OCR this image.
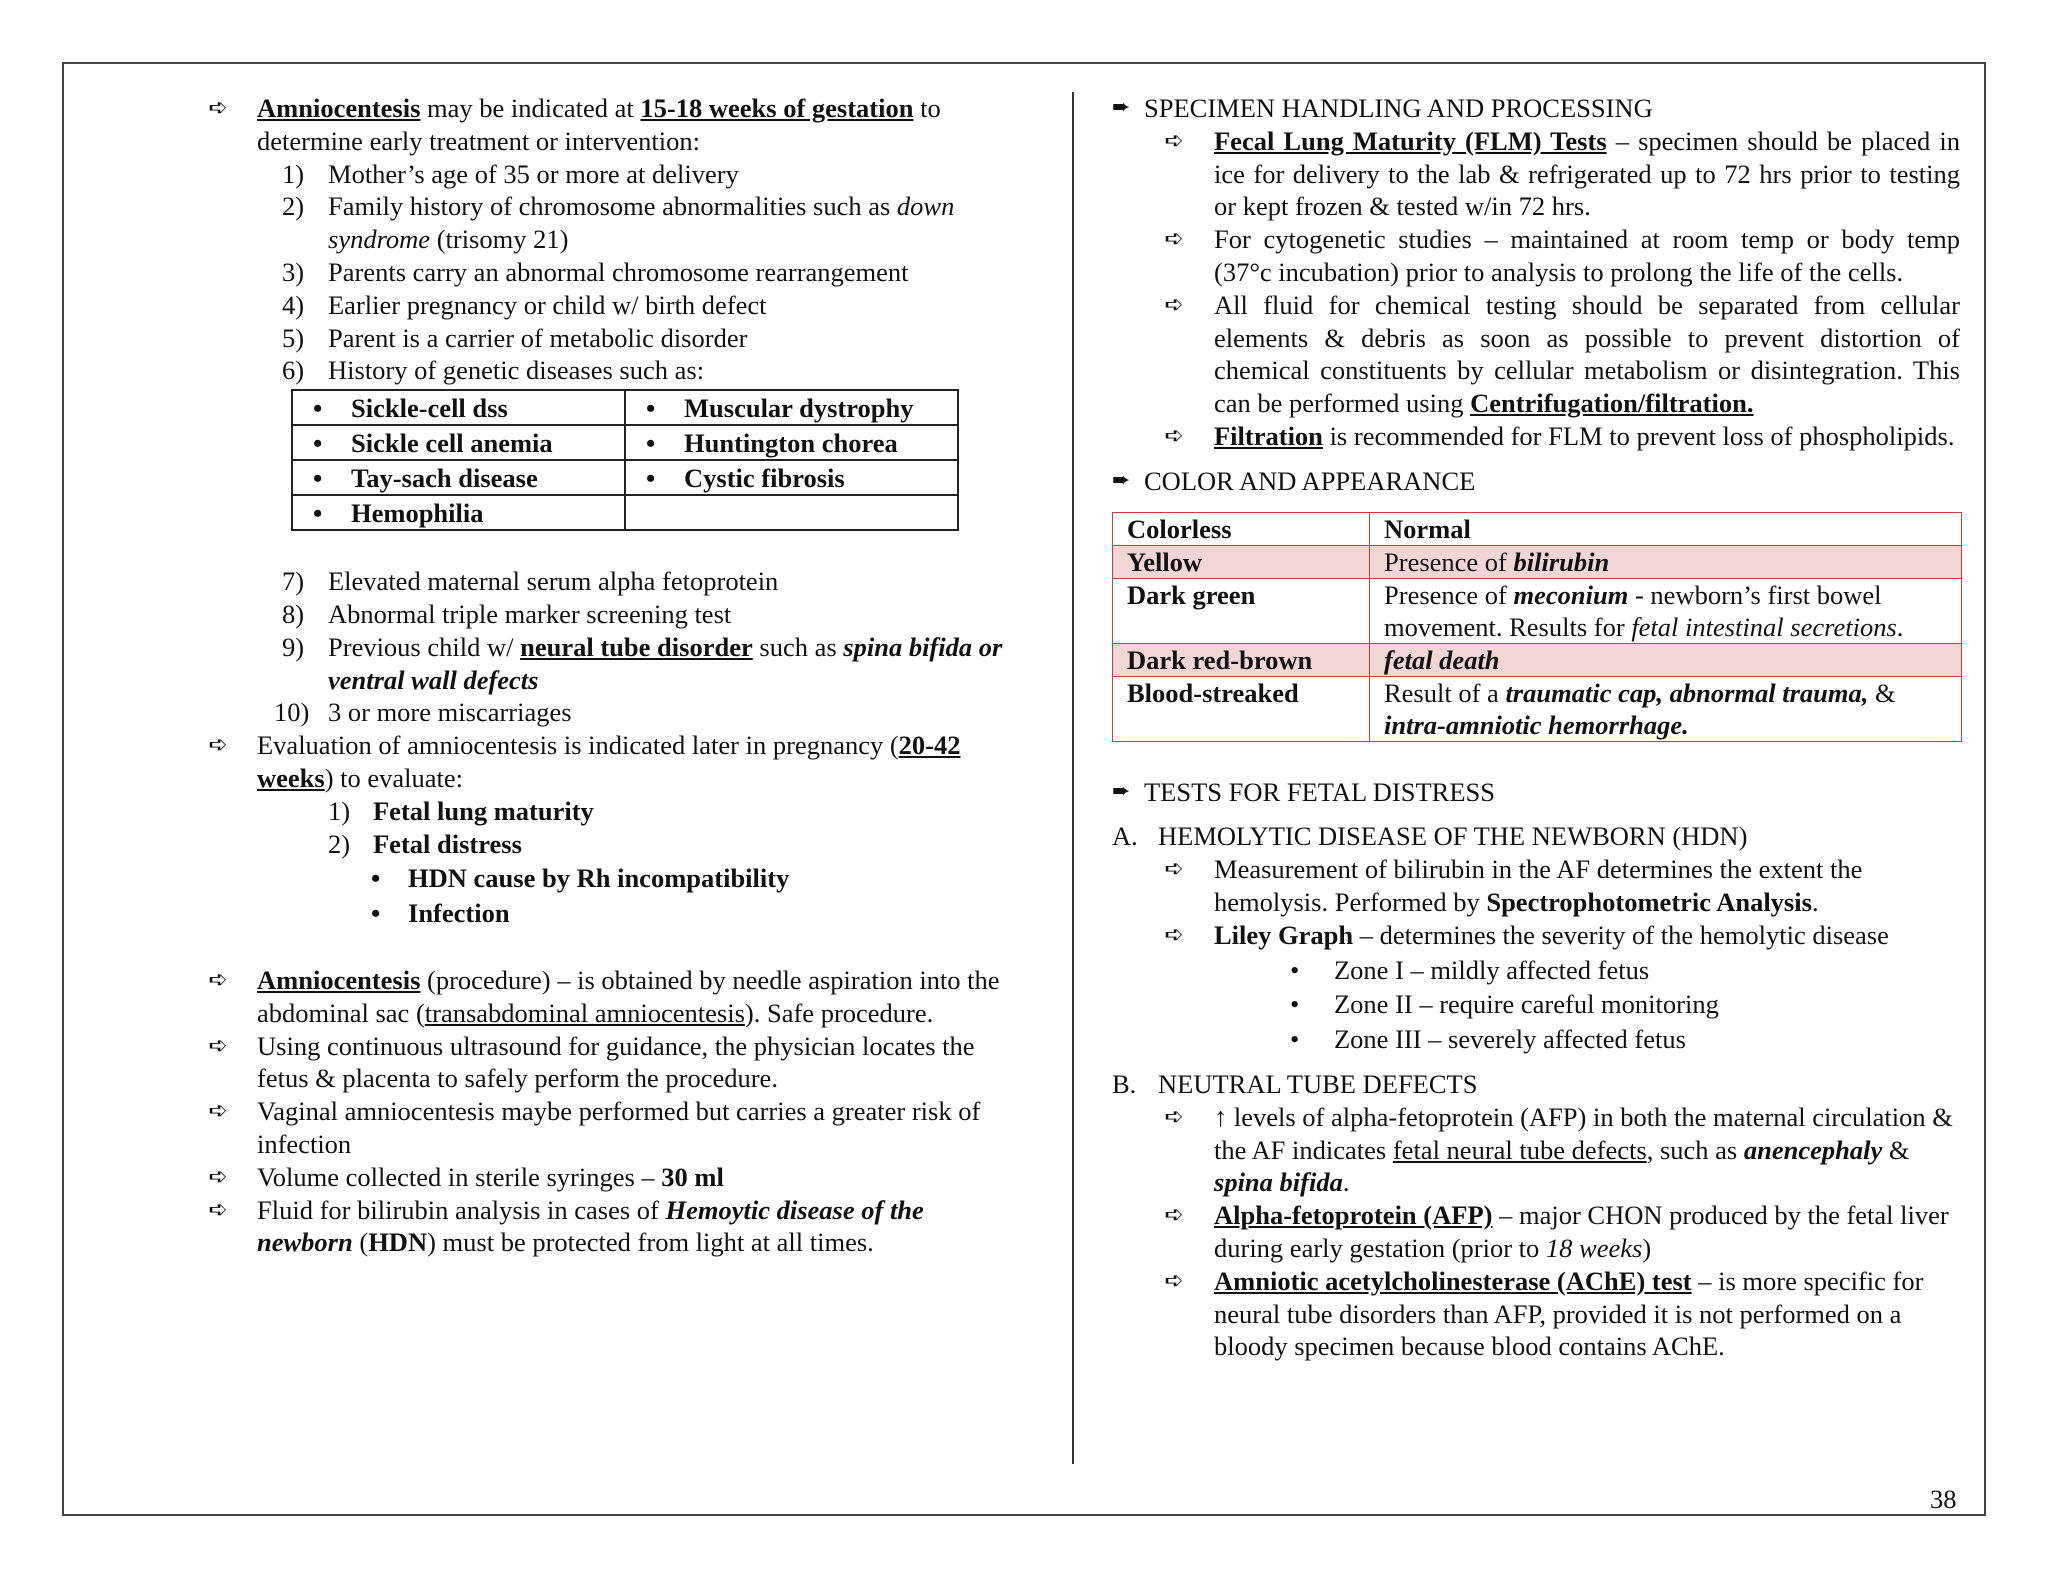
➪ Amniocentesis may be indicated at 15-18 weeks of gestation to determine early treatment or intervention:
1) Mother’s age of 35 or more at delivery
2) Family history of chromosome abnormalities such as down syndrome (trisomy 21)
3) Parents carry an abnormal chromosome rearrangement
4) Earlier pregnancy or child w/ birth defect
5) Parent is a carrier of metabolic disorder
6) History of genetic diseases such as:
• Sickle-cell dss	• Muscular dystrophy
• Sickle cell anemia	• Huntington chorea
• Tay-sach disease	• Cystic fibrosis
• Hemophilia	
7) Elevated maternal serum alpha fetoprotein
8) Abnormal triple marker screening test
9) Previous child w/ neural tube disorder such as spina bifida or ventral wall defects
10) 3 or more miscarriages
➪ Evaluation of amniocentesis is indicated later in pregnancy (20-42 weeks) to evaluate:
1) Fetal lung maturity
2) Fetal distress
• HDN cause by Rh incompatibility
• Infection
➪ Amniocentesis (procedure) – is obtained by needle aspiration into the abdominal sac (transabdominal amniocentesis). Safe procedure.
➪ Using continuous ultrasound for guidance, the physician locates the fetus & placenta to safely perform the procedure.
➪ Vaginal amniocentesis maybe performed but carries a greater risk of infection
➪ Volume collected in sterile syringes – 30 ml
➪ Fluid for bilirubin analysis in cases of Hemoytic disease of the newborn (HDN) must be protected from light at all times.
➨ SPECIMEN HANDLING AND PROCESSING
➪ Fecal Lung Maturity (FLM) Tests – specimen should be placed in ice for delivery to the lab & refrigerated up to 72 hrs prior to testing or kept frozen & tested w/in 72 hrs.
➪ For cytogenetic studies – maintained at room temp or body temp (37°c incubation) prior to analysis to prolong the life of the cells.
➪ All fluid for chemical testing should be separated from cellular elements & debris as soon as possible to prevent distortion of chemical constituents by cellular metabolism or disintegration. This can be performed using Centrifugation/filtration.
➪ Filtration is recommended for FLM to prevent loss of phospholipids.
➨ COLOR AND APPEARANCE
Colorless	Normal
Yellow	Presence of bilirubin
Dark green	Presence of meconium - newborn’s first bowel movement. Results for fetal intestinal secretions.
Dark red-brown	fetal death
Blood-streaked	Result of a traumatic cap, abnormal trauma, & intra-amniotic hemorrhage.
➨ TESTS FOR FETAL DISTRESS
A. HEMOLYTIC DISEASE OF THE NEWBORN (HDN)
➪ Measurement of bilirubin in the AF determines the extent the hemolysis. Performed by Spectrophotometric Analysis.
➪ Liley Graph – determines the severity of the hemolytic disease
• Zone I – mildly affected fetus
• Zone II – require careful monitoring
• Zone III – severely affected fetus
B. NEUTRAL TUBE DEFECTS
➪ ↑ levels of alpha-fetoprotein (AFP) in both the maternal circulation & the AF indicates fetal neural tube defects, such as anencephaly & spina bifida.
➪ Alpha-fetoprotein (AFP) – major CHON produced by the fetal liver during early gestation (prior to 18 weeks)
➪ Amniotic acetylcholinesterase (AChE) test – is more specific for neural tube disorders than AFP, provided it is not performed on a bloody specimen because blood contains AChE.
38
